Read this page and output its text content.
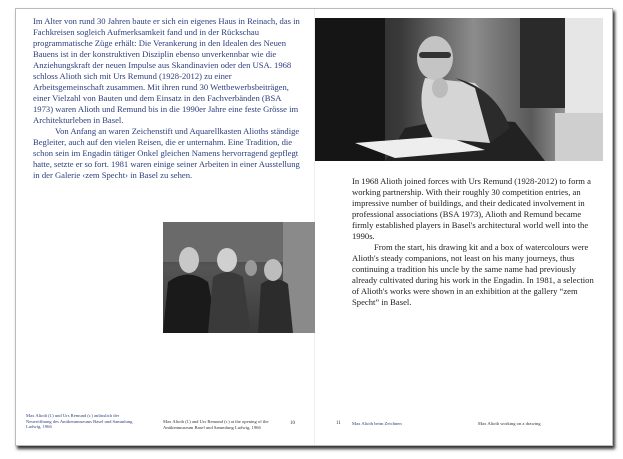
Im Alter von rund 30 Jahren baute er sich ein eigenes Haus in Reinach, das in Fachkreisen sogleich Aufmerksamkeit fand und in der Rückschau programmatische Züge erhält: Die Verankerung in den Idealen des Neuen Bauens ist in der konstruktiven Disziplin ebenso unverkennbar wie die Anziehungskraft der neuen Impulse aus Skandinavien oder den USA. 1968 schloss Alioth sich mit Urs Remund (1928-2012) zu einer Arbeitsgemeinschaft zusammen. Mit ihren rund 30 Wettbewerbsbeiträgen, einer Vielzahl von Bauten und dem Einsatz in den Fachverbänden (BSA 1973) waren Alioth und Remund bis in die 1990er Jahre eine feste Grösse im Architekturleben in Basel.

Von Anfang an waren Zeichenstift und Aquarellkasten Alioths ständige Begleiter, auch auf den vielen Reisen, die er unternahm. Eine Tradition, die schon sein im Engadin tätiger Onkel gleichen Namens hervorragend gepflegt hatte, setzte er so fort. 1981 waren einige seiner Arbeiten in einer Ausstellung in der Galerie ‹zem Specht› in Basel zu sehen.

In 1968 Alioth joined forces with Urs Remund (1928-2012) to form a working partnership. With their roughly 30 competition entries, an impressive number of buildings, and their dedicated involvement in professional associations (BSA 1973), Alioth and Remund became firmly established players in Basel's architectural world well into the 1990s.

From the start, his drawing kit and a box of watercolours were Alioth's steady companions, not least on his many journeys, thus continuing a tradition his uncle by the same name had previously already cultivated during his work in the Engadin. In 1981, a selection of Alioth's works were shown in an exhibition at the gallery “zem Specht” in Basel.

Max Alioth (l.) und Urs Remund (r.) anlässlich der Neueröffnung des Antikenmuseums Basel und Sammlung Ludwig, 1966
Max Alioth (l.) and Urs Remund (r.) at the opening of the Antikenmuseum Basel und Sammlung Ludwig, 1966
10	11 Max Alioth beim Zeichnen	Max Alioth working on a drawing
